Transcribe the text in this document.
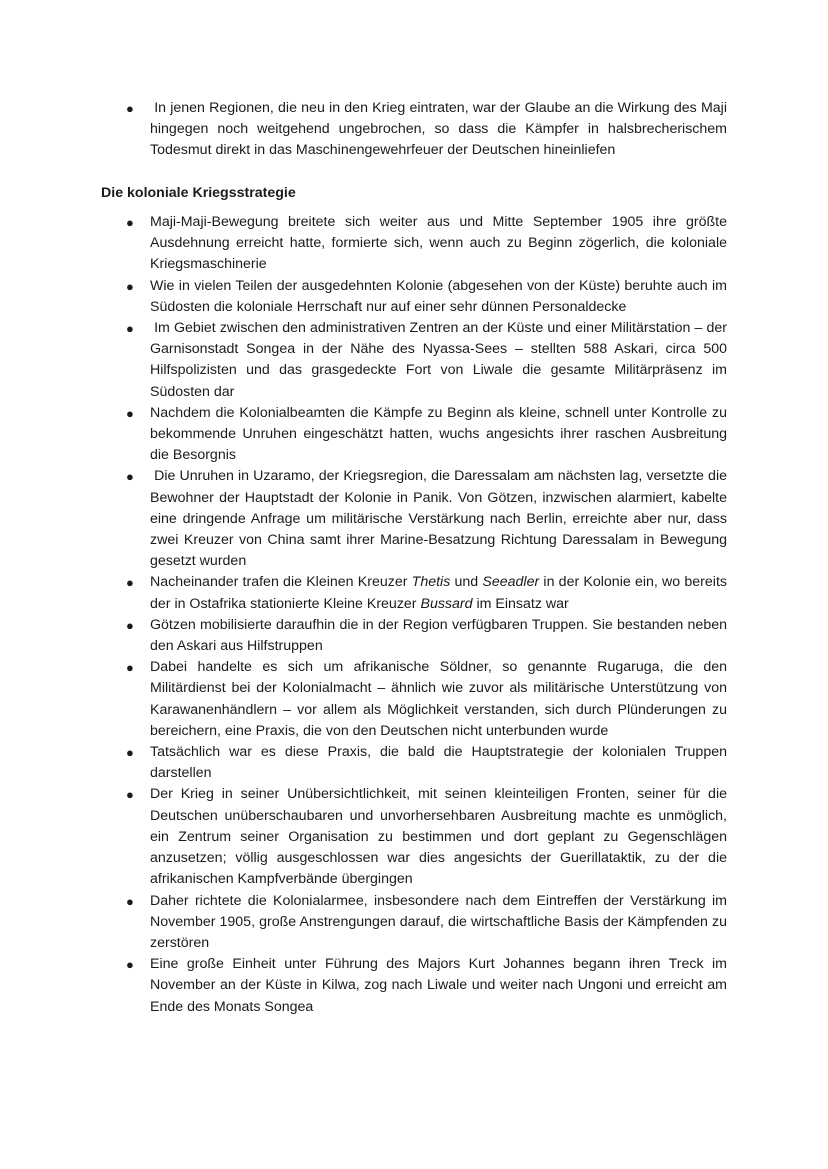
● In jenen Regionen, die neu in den Krieg eintraten, war der Glaube an die Wirkung des Maji hingegen noch weitgehend ungebrochen, so dass die Kämpfer in halsbrecherischem Todesmut direkt in das Maschinengewehrfeuer der Deutschen hineinliefen
Die koloniale Kriegsstrategie
● Maji-Maji-Bewegung breitete sich weiter aus und Mitte September 1905 ihre größte Ausdehnung erreicht hatte, formierte sich, wenn auch zu Beginn zögerlich, die koloniale Kriegsmaschinerie
● Wie in vielen Teilen der ausgedehnten Kolonie (abgesehen von der Küste) beruhte auch im Südosten die koloniale Herrschaft nur auf einer sehr dünnen Personaldecke
● Im Gebiet zwischen den administrativen Zentren an der Küste und einer Militärstation – der Garnisonstadt Songea in der Nähe des Nyassa-Sees – stellten 588 Askari, circa 500 Hilfspolizisten und das grasgedeckte Fort von Liwale die gesamte Militärpräsenz im Südosten dar
● Nachdem die Kolonialbeamten die Kämpfe zu Beginn als kleine, schnell unter Kontrolle zu bekommende Unruhen eingeschätzt hatten, wuchs angesichts ihrer raschen Ausbreitung die Besorgnis
● Die Unruhen in Uzaramo, der Kriegsregion, die Daressalam am nächsten lag, versetzte die Bewohner der Hauptstadt der Kolonie in Panik. Von Götzen, inzwischen alarmiert, kabelte eine dringende Anfrage um militärische Verstärkung nach Berlin, erreichte aber nur, dass zwei Kreuzer von China samt ihrer Marine-Besatzung Richtung Daressalam in Bewegung gesetzt wurden
● Nacheinander trafen die Kleinen Kreuzer Thetis und Seeadler in der Kolonie ein, wo bereits der in Ostafrika stationierte Kleine Kreuzer Bussard im Einsatz war
● Götzen mobilisierte daraufhin die in der Region verfügbaren Truppen. Sie bestanden neben den Askari aus Hilfstruppen
● Dabei handelte es sich um afrikanische Söldner, so genannte Rugaruga, die den Militärdienst bei der Kolonialmacht – ähnlich wie zuvor als militärische Unterstützung von Karawanenhändlern – vor allem als Möglichkeit verstanden, sich durch Plünderungen zu bereichern, eine Praxis, die von den Deutschen nicht unterbunden wurde
● Tatsächlich war es diese Praxis, die bald die Hauptstrategie der kolonialen Truppen darstellen
● Der Krieg in seiner Unübersichtlichkeit, mit seinen kleinteiligen Fronten, seiner für die Deutschen unüberschaubaren und unvorhersehbaren Ausbreitung machte es unmöglich, ein Zentrum seiner Organisation zu bestimmen und dort geplant zu Gegenschlägen anzusetzen; völlig ausgeschlossen war dies angesichts der Guerillataktik, zu der die afrikanischen Kampfverbände übergingen
● Daher richtete die Kolonialarmee, insbesondere nach dem Eintreffen der Verstärkung im November 1905, große Anstrengungen darauf, die wirtschaftliche Basis der Kämpfenden zu zerstören
● Eine große Einheit unter Führung des Majors Kurt Johannes begann ihren Treck im November an der Küste in Kilwa, zog nach Liwale und weiter nach Ungoni und erreicht am Ende des Monats Songea
